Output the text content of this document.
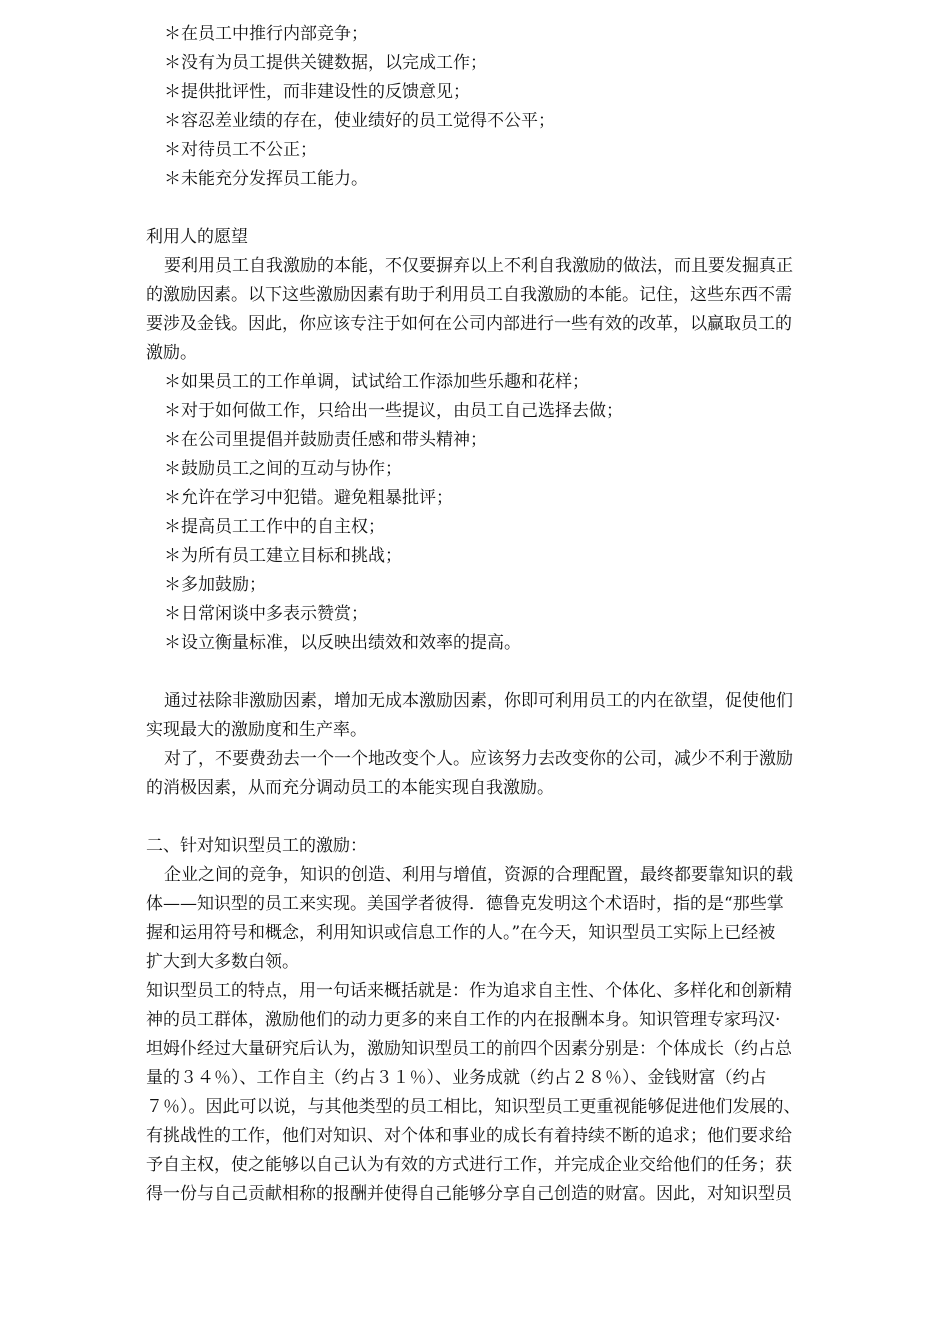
＊在员工中推行内部竞争；
＊没有为员工提供关键数据，以完成工作；
＊提供批评性，而非建设性的反馈意见；
＊容忍差业绩的存在，使业绩好的员工觉得不公平；
＊对待员工不公正；
＊未能充分发挥员工能力。
利用人的愿望
要利用员工自我激励的本能，不仅要摒弃以上不利自我激励的做法，而且要发掘真正
的激励因素。以下这些激励因素有助于利用员工自我激励的本能。记住，这些东西不需
要涉及金钱。因此，你应该专注于如何在公司内部进行一些有效的改革，以赢取员工的
激励。
＊如果员工的工作单调，试试给工作添加些乐趣和花样；
＊对于如何做工作，只给出一些提议，由员工自己选择去做；
＊在公司里提倡并鼓励责任感和带头精神；
＊鼓励员工之间的互动与协作；
＊允许在学习中犯错。避免粗暴批评；
＊提高员工工作中的自主权；
＊为所有员工建立目标和挑战；
＊多加鼓励；
＊日常闲谈中多表示赞赏；
＊设立衡量标准，以反映出绩效和效率的提高。
通过祛除非激励因素，增加无成本激励因素，你即可利用员工的内在欲望，促使他们
实现最大的激励度和生产率。
对了，不要费劲去一个一个地改变个人。应该努力去改变你的公司，减少不利于激励
的消极因素，从而充分调动员工的本能实现自我激励。
二、针对知识型员工的激励：
企业之间的竞争，知识的创造、利用与增值，资源的合理配置，最终都要靠知识的载
体——知识型的员工来实现。美国学者彼得．德鲁克发明这个术语时，指的是“那些掌
握和运用符号和概念，利用知识或信息工作的人。”在今天，知识型员工实际上已经被
扩大到大多数白领。
知识型员工的特点，用一句话来概括就是：作为追求自主性、个体化、多样化和创新精
神的员工群体，激励他们的动力更多的来自工作的内在报酬本身。知识管理专家玛汉·
坦姆仆经过大量研究后认为，激励知识型员工的前四个因素分别是：个体成长（约占总
量的３４％）、工作自主（约占３１％）、业务成就（约占２８％）、金钱财富（约占
７％）。因此可以说，与其他类型的员工相比，知识型员工更重视能够促进他们发展的、
有挑战性的工作，他们对知识、对个体和事业的成长有着持续不断的追求；他们要求给
予自主权，使之能够以自己认为有效的方式进行工作，并完成企业交给他们的任务；获
得一份与自己贡献相称的报酬并使得自己能够分享自己创造的财富。因此，对知识型员
